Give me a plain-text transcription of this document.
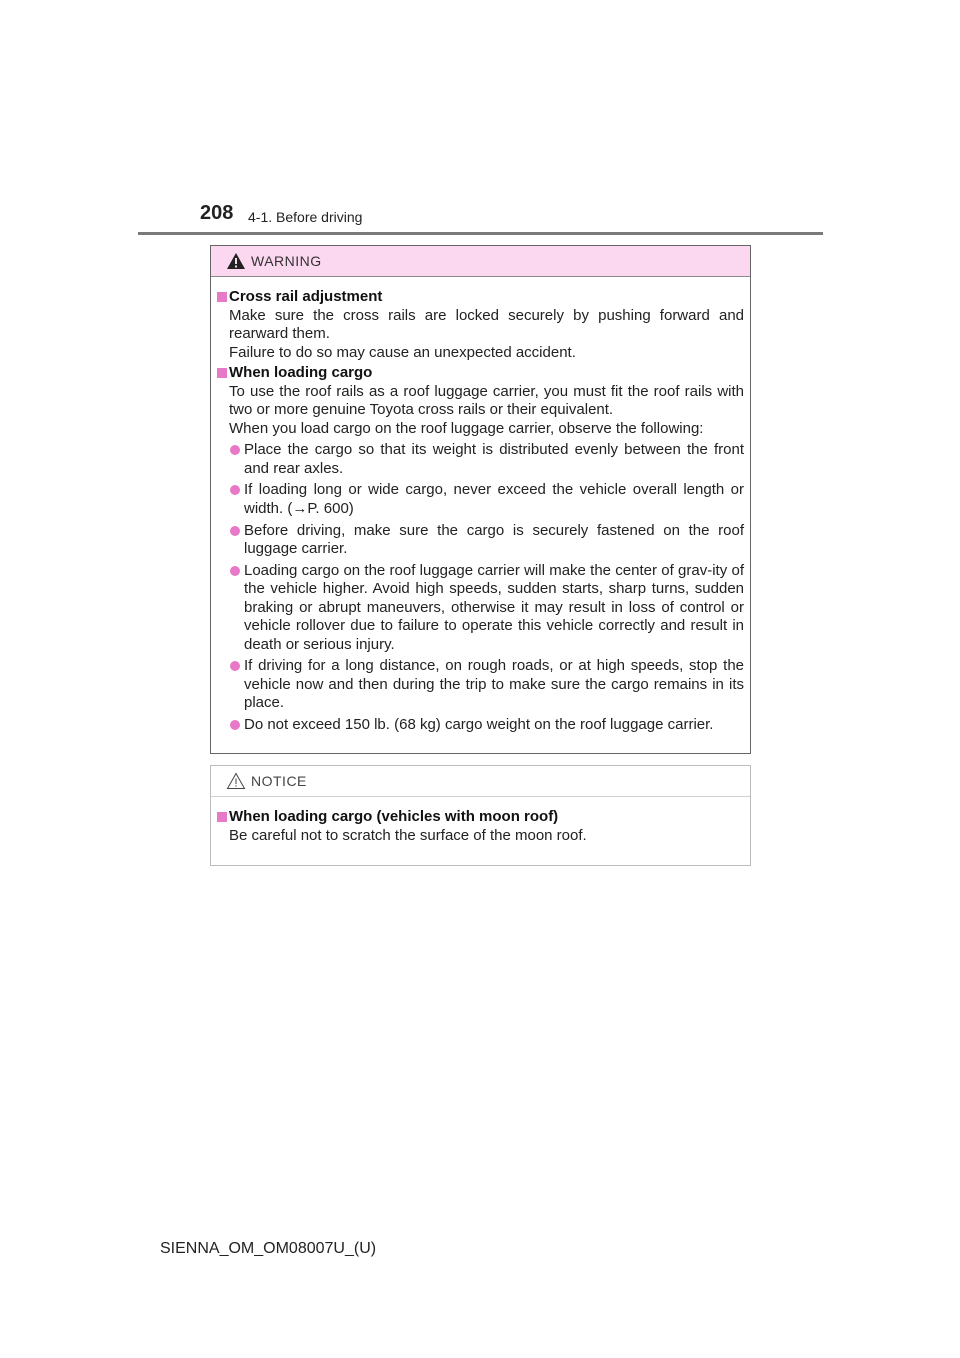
208 4-1. Before driving
WARNING
Cross rail adjustment
Make sure the cross rails are locked securely by pushing forward and rearward them.
Failure to do so may cause an unexpected accident.
When loading cargo
To use the roof rails as a roof luggage carrier, you must fit the roof rails with two or more genuine Toyota cross rails or their equivalent.
When you load cargo on the roof luggage carrier, observe the following:
Place the cargo so that its weight is distributed evenly between the front and rear axles.
If loading long or wide cargo, never exceed the vehicle overall length or width. (→P. 600)
Before driving, make sure the cargo is securely fastened on the roof luggage carrier.
Loading cargo on the roof luggage carrier will make the center of grav-ity of the vehicle higher. Avoid high speeds, sudden starts, sharp turns, sudden braking or abrupt maneuvers, otherwise it may result in loss of control or vehicle rollover due to failure to operate this vehicle correctly and result in death or serious injury.
If driving for a long distance, on rough roads, or at high speeds, stop the vehicle now and then during the trip to make sure the cargo remains in its place.
Do not exceed 150 lb. (68 kg) cargo weight on the roof luggage carrier.
NOTICE
When loading cargo (vehicles with moon roof)
Be careful not to scratch the surface of the moon roof.
SIENNA_OM_OM08007U_(U)
